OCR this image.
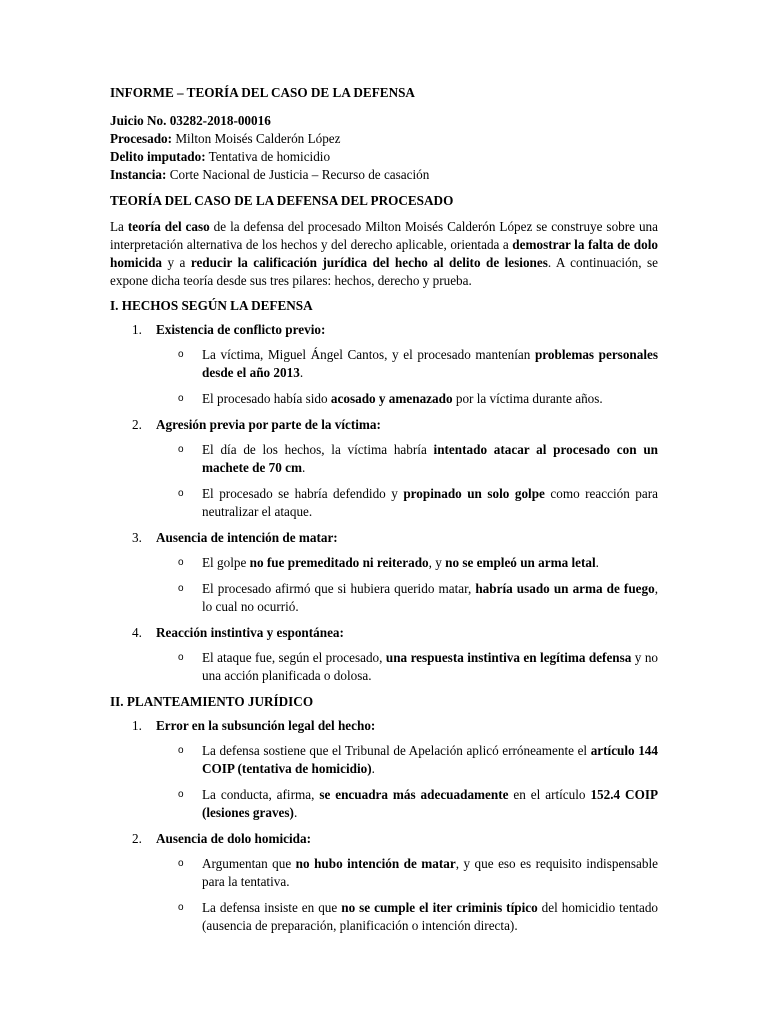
INFORME – TEORÍA DEL CASO DE LA DEFENSA
Juicio No. 03282-2018-00016
Procesado: Milton Moisés Calderón López
Delito imputado: Tentativa de homicidio
Instancia: Corte Nacional de Justicia – Recurso de casación
TEORÍA DEL CASO DE LA DEFENSA DEL PROCESADO

La teoría del caso de la defensa del procesado Milton Moisés Calderón López se construye sobre una interpretación alternativa de los hechos y del derecho aplicable, orientada a demostrar la falta de dolo homicida y a reducir la calificación jurídica del hecho al delito de lesiones. A continuación, se expone dicha teoría desde sus tres pilares: hechos, derecho y prueba.

I. HECHOS SEGÚN LA DEFENSA
1. Existencia de conflicto previo:
o La víctima, Miguel Ángel Cantos, y el procesado mantenían problemas personales desde el año 2013.
o El procesado había sido acosado y amenazado por la víctima durante años.
2. Agresión previa por parte de la víctima:
o El día de los hechos, la víctima habría intentado atacar al procesado con un machete de 70 cm.
o El procesado se habría defendido y propinado un solo golpe como reacción para neutralizar el ataque.
3. Ausencia de intención de matar:
o El golpe no fue premeditado ni reiterado, y no se empleó un arma letal.
o El procesado afirmó que si hubiera querido matar, habría usado un arma de fuego, lo cual no ocurrió.
4. Reacción instintiva y espontánea:
o El ataque fue, según el procesado, una respuesta instintiva en legítima defensa y no una acción planificada o dolosa.
II. PLANTEAMIENTO JURÍDICO
1. Error en la subsunción legal del hecho:
o La defensa sostiene que el Tribunal de Apelación aplicó erróneamente el artículo 144 COIP (tentativa de homicidio).
o La conducta, afirma, se encuadra más adecuadamente en el artículo 152.4 COIP (lesiones graves).
2. Ausencia de dolo homicida:
o Argumentan que no hubo intención de matar, y que eso es requisito indispensable para la tentativa.
o La defensa insiste en que no se cumple el iter criminis típico del homicidio tentado (ausencia de preparación, planificación o intención directa).
